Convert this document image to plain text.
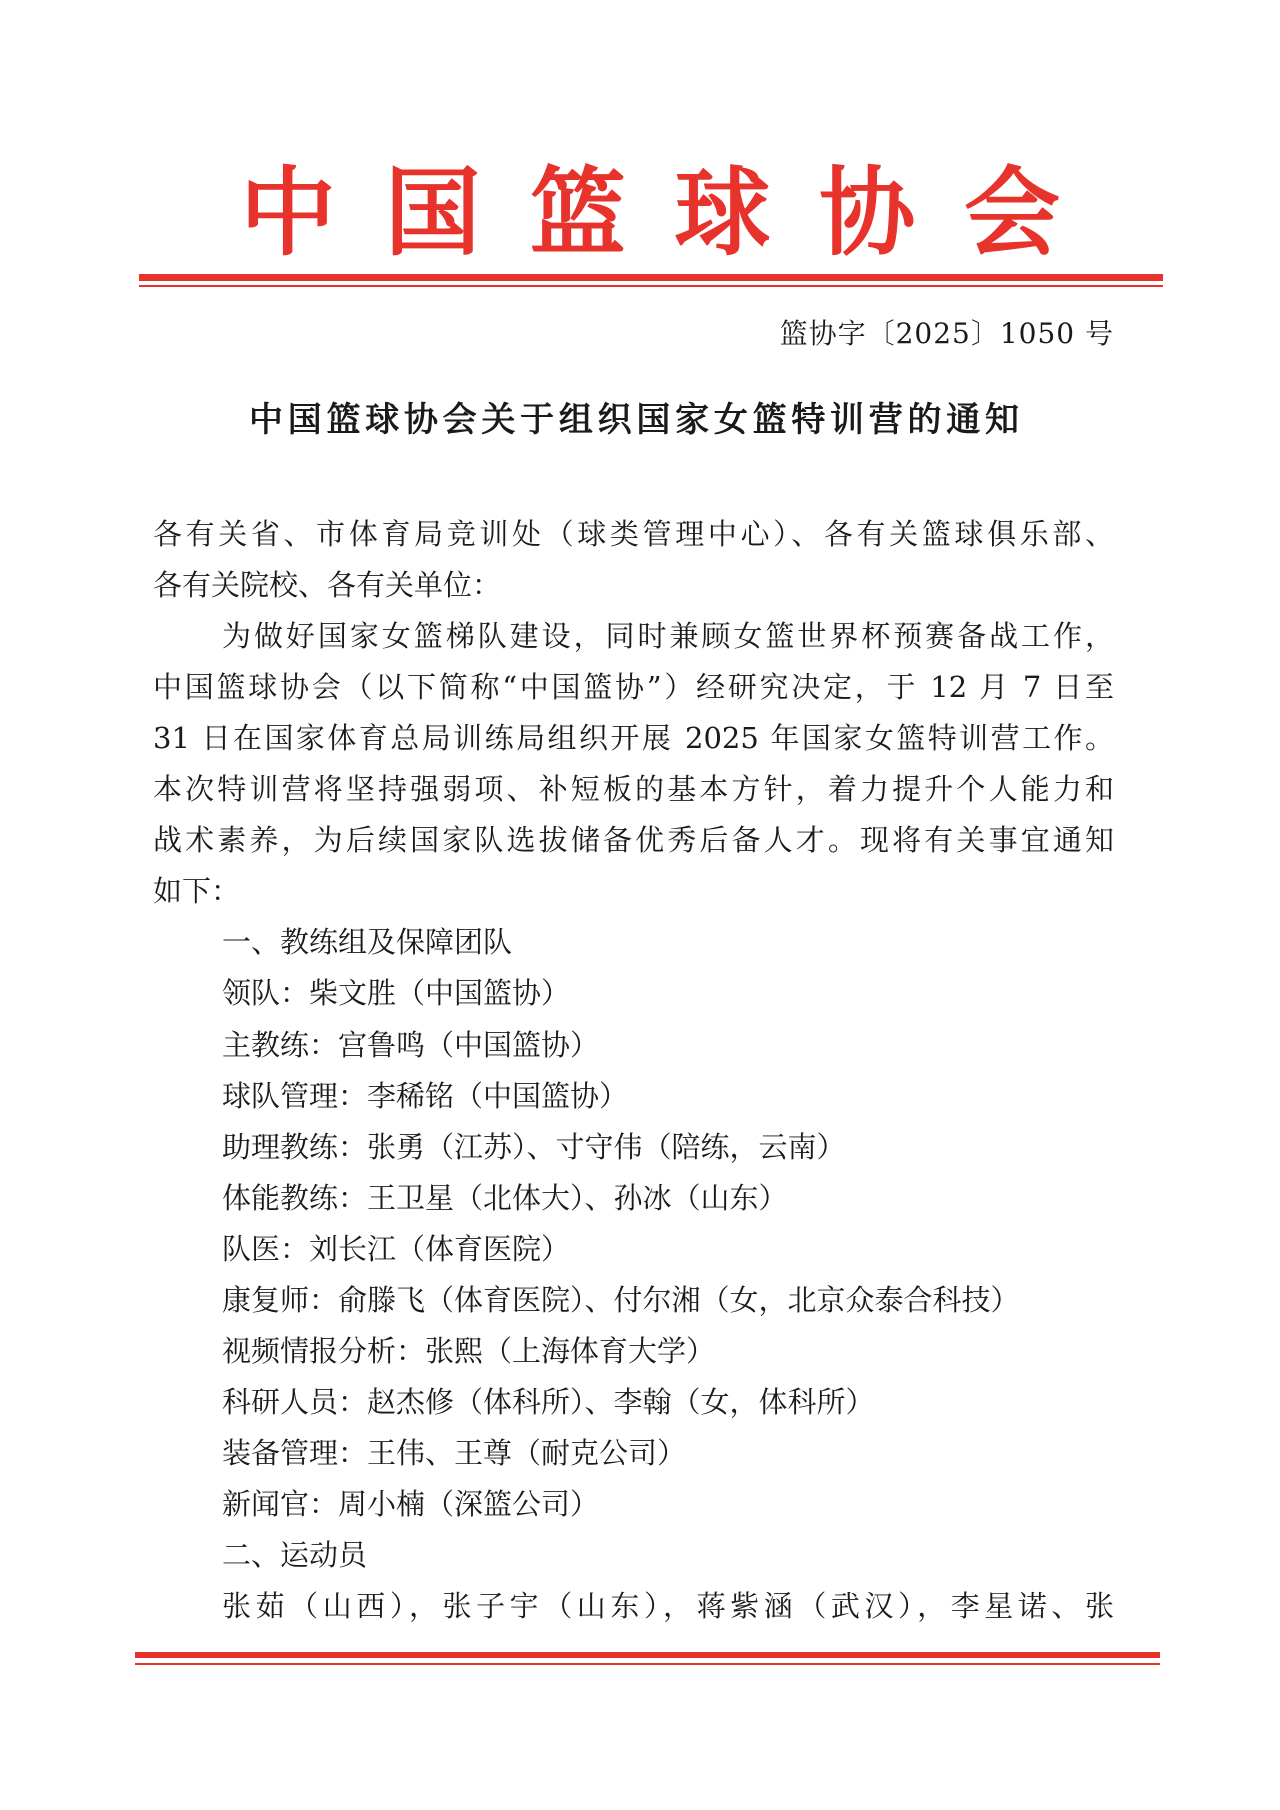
中 国 篮 球 协 会
篮协字〔2025〕1050 号
中国篮球协会关于组织国家女篮特训营的通知
各有关省、市体育局竞训处（球类管理中心）、各有关篮球俱乐部、
各有关院校、各有关单位：
为做好国家女篮梯队建设，同时兼顾女篮世界杯预赛备战工作，
中国篮球协会（以下简称“中国篮协”）经研究决定，于 12 月 7 日至
31 日在国家体育总局训练局组织开展 2025 年国家女篮特训营工作。
本次特训营将坚持强弱项、补短板的基本方针，着力提升个人能力和
战术素养，为后续国家队选拔储备优秀后备人才。现将有关事宜通知
如下：
一、教练组及保障团队
领队：柴文胜（中国篮协）
主教练：宫鲁鸣（中国篮协）
球队管理：李稀铭（中国篮协）
助理教练：张勇（江苏）、寸守伟（陪练，云南）
体能教练：王卫星（北体大）、孙冰（山东）
队医：刘长江（体育医院）
康复师：俞滕飞（体育医院）、付尔湘（女，北京众泰合科技）
视频情报分析：张熙（上海体育大学）
科研人员：赵杰修（体科所）、李翰（女，体科所）
装备管理：王伟、王尊（耐克公司）
新闻官：周小楠（深篮公司）
二、运动员
张茹（山西），张子宇（山东），蒋紫涵（武汉），李星诺、张
